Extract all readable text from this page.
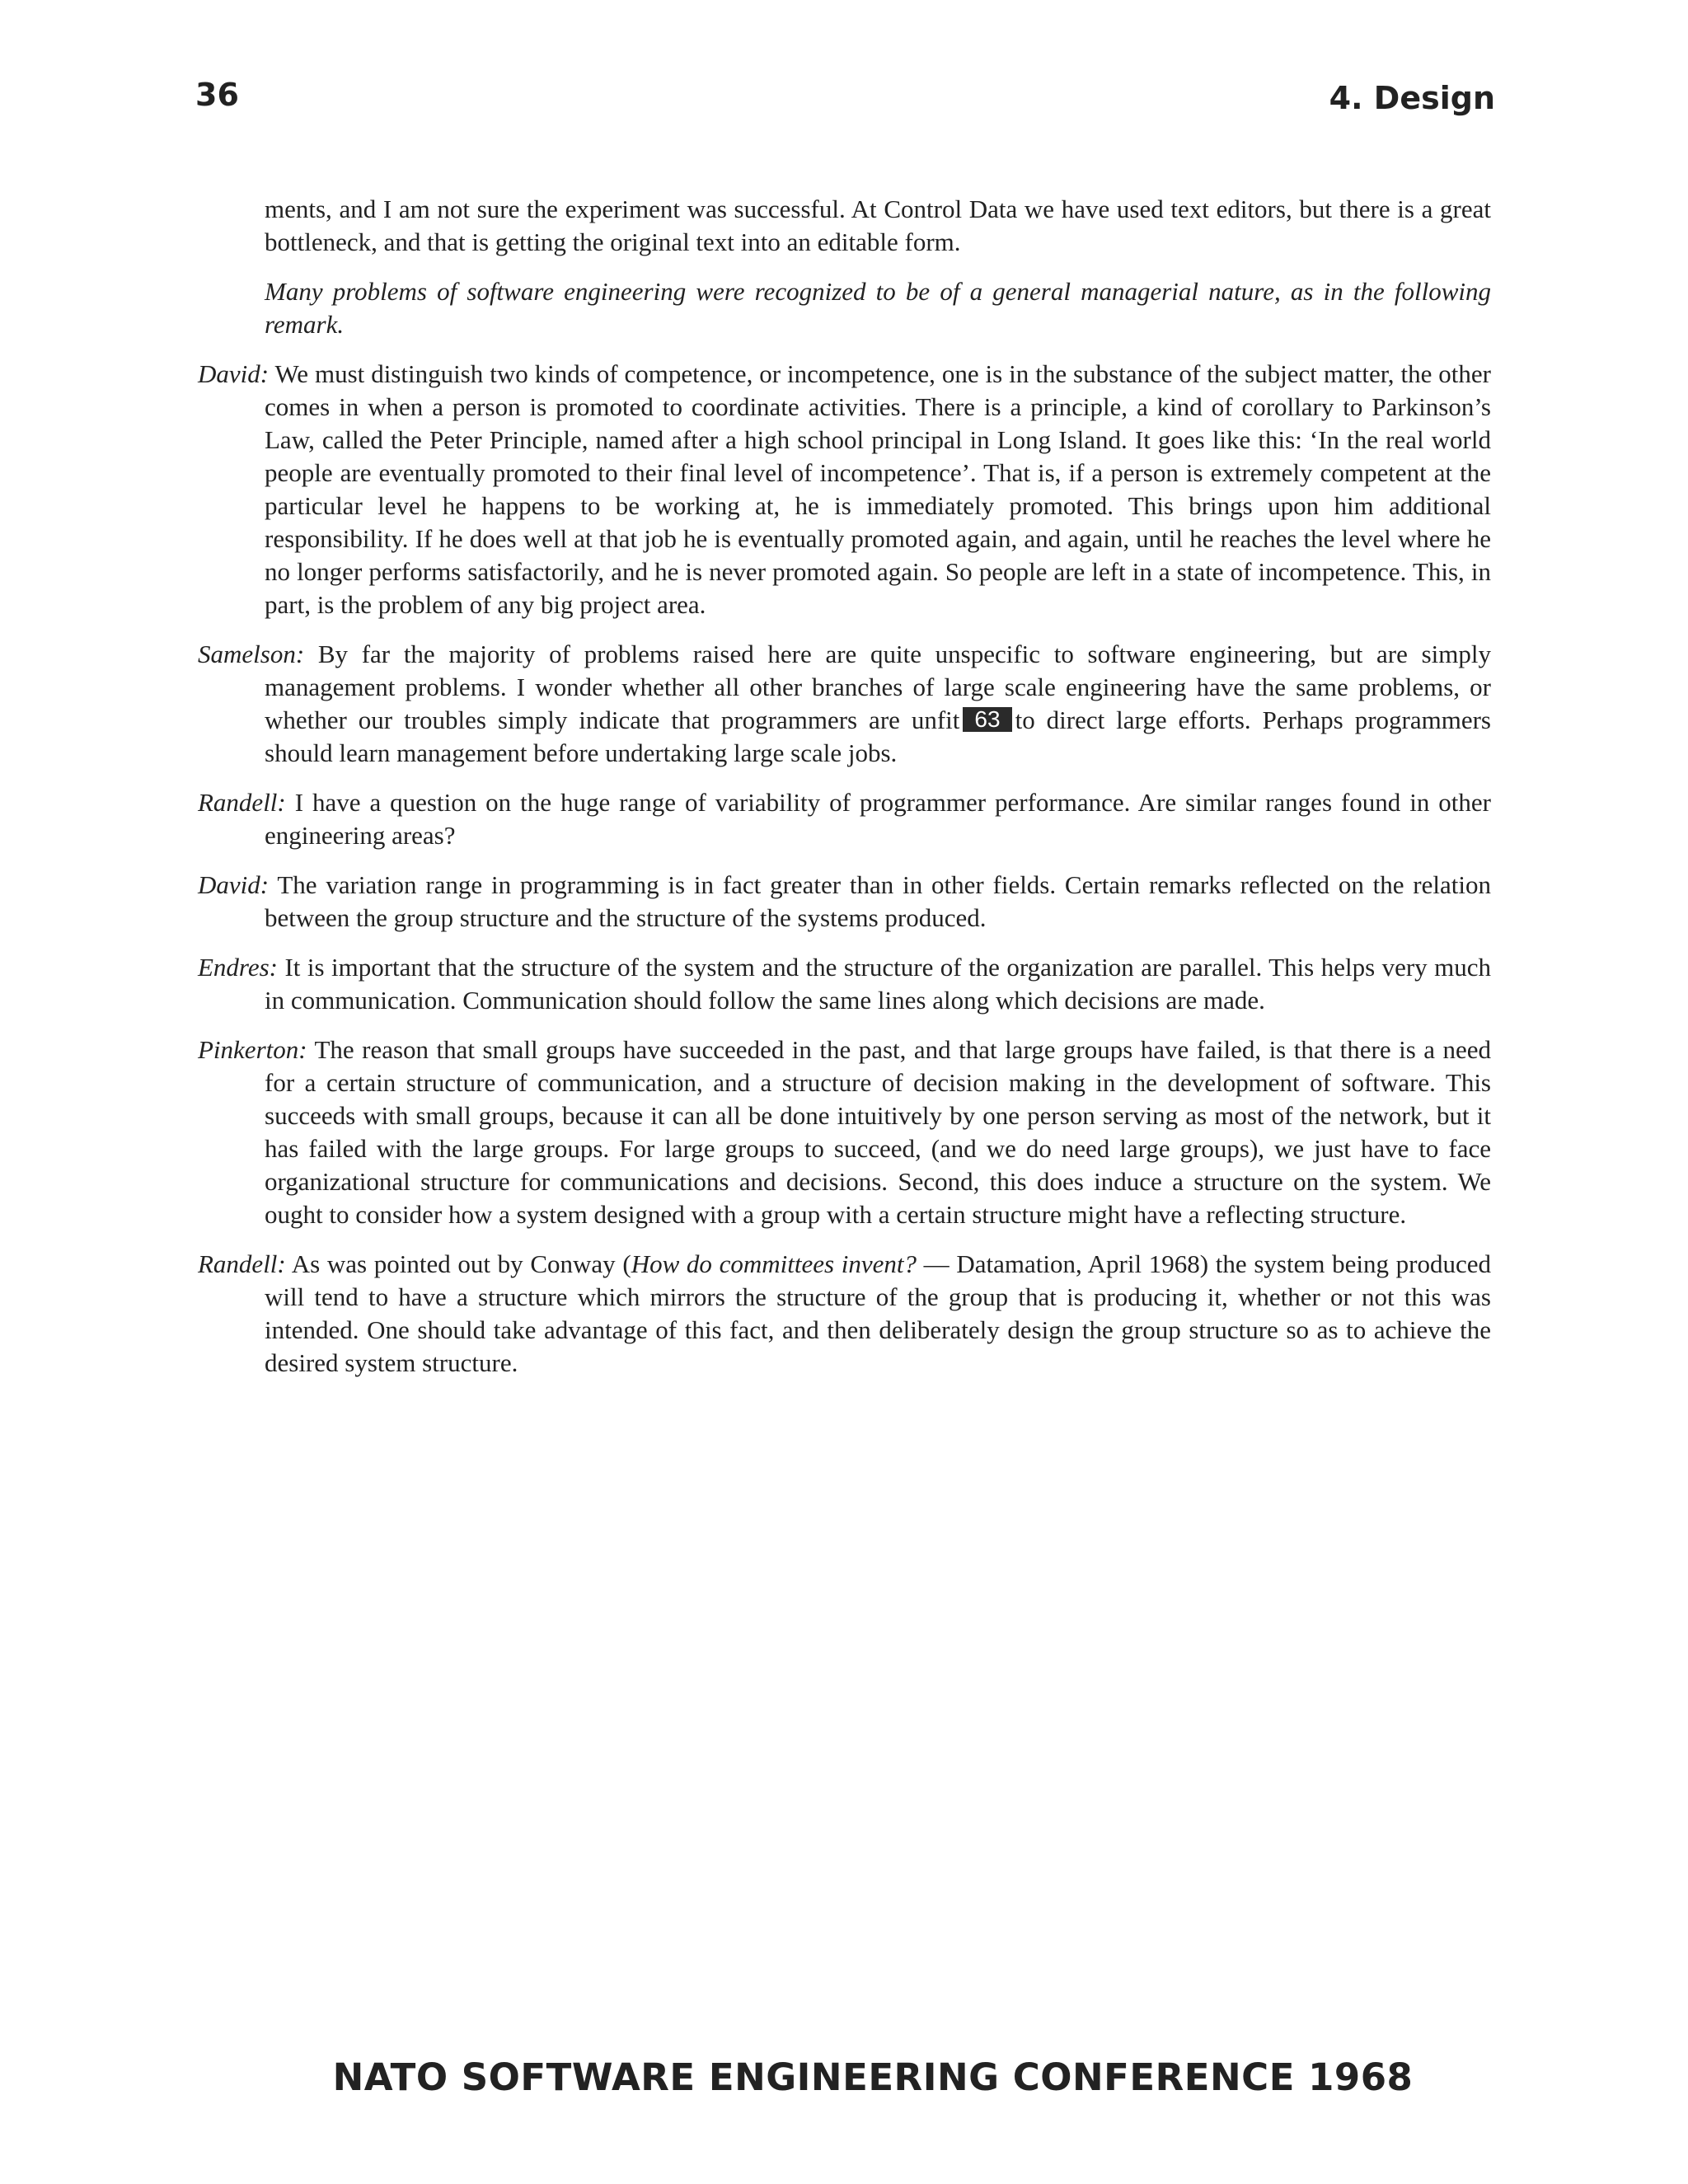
36	4. Design

ments, and I am not sure the experiment was successful. At Control Data we have used text editors, but there is a great bottleneck, and that is getting the original text into an editable form.

Many problems of software engineering were recognized to be of a general managerial nature, as in the following remark.

David: We must distinguish two kinds of competence, or incompetence, one is in the substance of the subject matter, the other comes in when a person is promoted to coordinate activities. There is a principle, a kind of corollary to Parkinson’s Law, called the Peter Principle, named after a high school principal in Long Island. It goes like this: ‘In the real world people are eventually promoted to their final level of incompetence’. That is, if a person is extremely competent at the particular level he happens to be working at, he is immediately promoted. This brings upon him additional responsibility. If he does well at that job he is eventually promoted again, and again, until he reaches the level where he no longer performs satisfactorily, and he is never promoted again. So people are left in a state of incompetence. This, in part, is the problem of any big project area.

Samelson: By far the majority of problems raised here are quite unspecific to software engineering, but are simply management problems. I wonder whether all other branches of large scale engineering have the same problems, or whether our troubles simply indicate that programmers are unfit 63 to direct large efforts. Perhaps programmers should learn management before undertaking large scale jobs.

Randell: I have a question on the huge range of variability of programmer performance. Are similar ranges found in other engineering areas?

David: The variation range in programming is in fact greater than in other fields. Certain remarks reflected on the relation between the group structure and the structure of the systems produced.

Endres: It is important that the structure of the system and the structure of the organization are parallel. This helps very much in communication. Communication should follow the same lines along which decisions are made.

Pinkerton: The reason that small groups have succeeded in the past, and that large groups have failed, is that there is a need for a certain structure of communication, and a structure of decision making in the development of software. This succeeds with small groups, because it can all be done intuitively by one person serving as most of the network, but it has failed with the large groups. For large groups to succeed, (and we do need large groups), we just have to face organizational structure for communications and decisions. Second, this does induce a structure on the system. We ought to consider how a system designed with a group with a certain structure might have a reflecting structure.

Randell: As was pointed out by Conway (How do committees invent? — Datamation, April 1968) the system being produced will tend to have a structure which mirrors the structure of the group that is producing it, whether or not this was intended. One should take advantage of this fact, and then deliberately design the group structure so as to achieve the desired system structure.

NATO SOFTWARE ENGINEERING CONFERENCE 1968
